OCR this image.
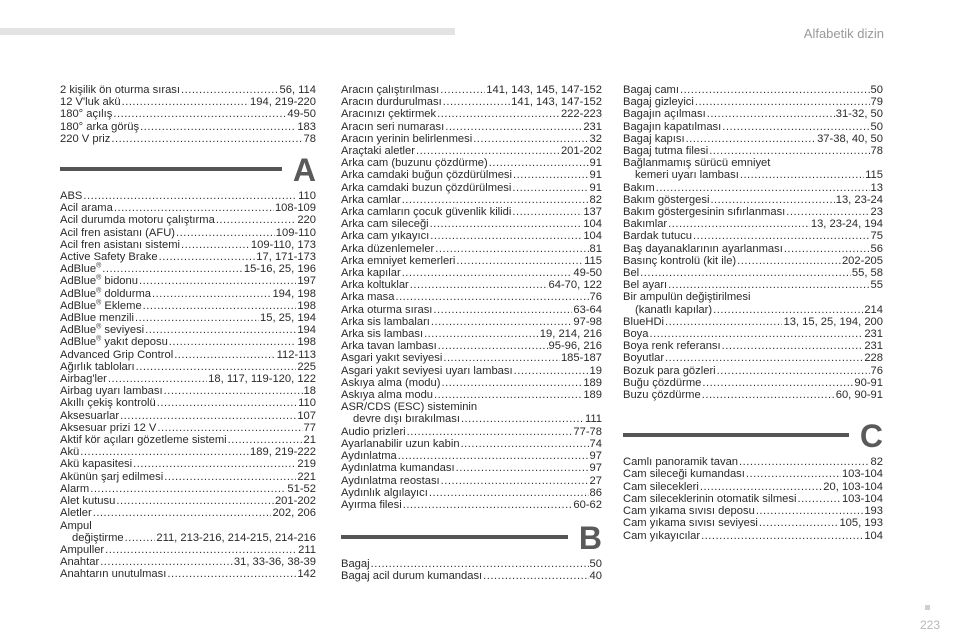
Alfabetik dizin
223
2 kişilik ön oturma sırası .....	56, 114
12 V'luk akü .....	194, 219-220
180° açılış .....	49-50
180° arka görüş .....	183
220 V priz .....	78
A
ABS .....	110
Acil arama .....	108-109
Acil durumda motoru çalıştırma .....	220
Acil fren asistanı (AFU) .....	109-110
Acil fren asistanı sistemi .....	109-110, 173
Active Safety Brake .....	17, 171-173
AdBlue® .....	15-16, 25, 196
AdBlue® bidonu .....	197
AdBlue® doldurma .....	194, 198
AdBlue® Ekleme .....	198
AdBlue menzili .....	15, 25, 194
AdBlue® seviyesi .....	194
AdBlue® yakıt deposu .....	198
Advanced Grip Control .....	112-113
Ağırlık tabloları .....	225
Airbag'ler .....	18, 117, 119-120, 122
Airbag uyarı lambası .....	18
Akıllı çekiş kontrolü .....	110
Aksesuarlar .....	107
Aksesuar prizi 12 V .....	77
Aktif kör açıları gözetleme sistemi .....	21
Akü .....	189, 219-222
Akü kapasitesi .....	219
Akünün şarj edilmesi .....	221
Alarm .....	51-52
Alet kutusu .....	201-202
Aletler .....	202, 206
Ampul
değiştirme .....	211, 213-216, 214-215, 214-216
Ampuller .....	211
Anahtar .....	31, 33-36, 38-39
Anahtarın unutulması .....	142
Aracın çalıştırılması .....	141, 143, 145, 147-152
Aracın durdurulması .....	141, 143, 147-152
Aracınızı çektirmek .....	222-223
Aracın seri numarası .....	231
Aracın yerinin belirlenmesi .....	32
Araçtaki aletler .....	201-202
Arka cam (buzunu çözdürme) .....	91
Arka camdaki buğun çözdürülmesi .....	91
Arka camdaki buzun çözdürülmesi .....	91
Arka camlar .....	82
Arka camların çocuk güvenlik kilidi .....	137
Arka cam sileceği .....	104
Arka cam yıkayıcı .....	104
Arka düzenlemeler .....	81
Arka emniyet kemerleri .....	115
Arka kapılar .....	49-50
Arka koltuklar .....	64-70, 122
Arka masa .....	76
Arka oturma sırası .....	63-64
Arka sis lambaları .....	97-98
Arka sis lambası .....	19, 214, 216
Arka tavan lambası .....	95-96, 216
Asgari yakıt seviyesi .....	185-187
Asgari yakıt seviyesi uyarı lambası .....	19
Askıya alma (modu) .....	189
Askıya alma modu .....	189
ASR/CDS (ESC) sisteminin
devre dışı bırakılması .....	111
Audio prizleri .....	77-78
Ayarlanabilir uzun kabin .....	74
Aydınlatma .....	97
Aydınlatma kumandası .....	97
Aydınlatma reostası .....	27
Aydınlık algılayıcı .....	86
Ayırma filesi .....	60-62
B
Bagaj .....	50
Bagaj acil durum kumandası .....	40
Bagaj camı .....	50
Bagaj gizleyici .....	79
Bagajın açılması .....	31-32, 50
Bagajın kapatılması .....	50
Bagaj kapısı .....	37-38, 40, 50
Bagaj tutma filesi .....	78
Bağlanmamış sürücü emniyet
kemeri uyarı lambası .....	115
Bakım .....	13
Bakım göstergesi .....	13, 23-24
Bakım göstergesinin sıfırlanması .....	23
Bakımlar .....	13, 23-24, 194
Bardak tutucu .....	75
Baş dayanaklarının ayarlanması .....	56
Basınç kontrolü (kit ile) .....	202-205
Bel .....	55, 58
Bel ayarı .....	55
Bir ampulün değiştirilmesi
(kanatlı kapılar) .....	214
BlueHDi .....	13, 15, 25, 194, 200
Boya .....	231
Boya renk referansı .....	231
Boyutlar .....	228
Bozuk para gözleri .....	76
Buğu çözdürme .....	90-91
Buzu çözdürme .....	60, 90-91
C
Camlı panoramik tavan .....	82
Cam sileceği kumandası .....	103-104
Cam silecekleri .....	20, 103-104
Cam sileceklerinin otomatik silmesi .....	103-104
Cam yıkama sıvısı deposu .....	193
Cam yıkama sıvısı seviyesi .....	105, 193
Cam yıkayıcılar .....	104
